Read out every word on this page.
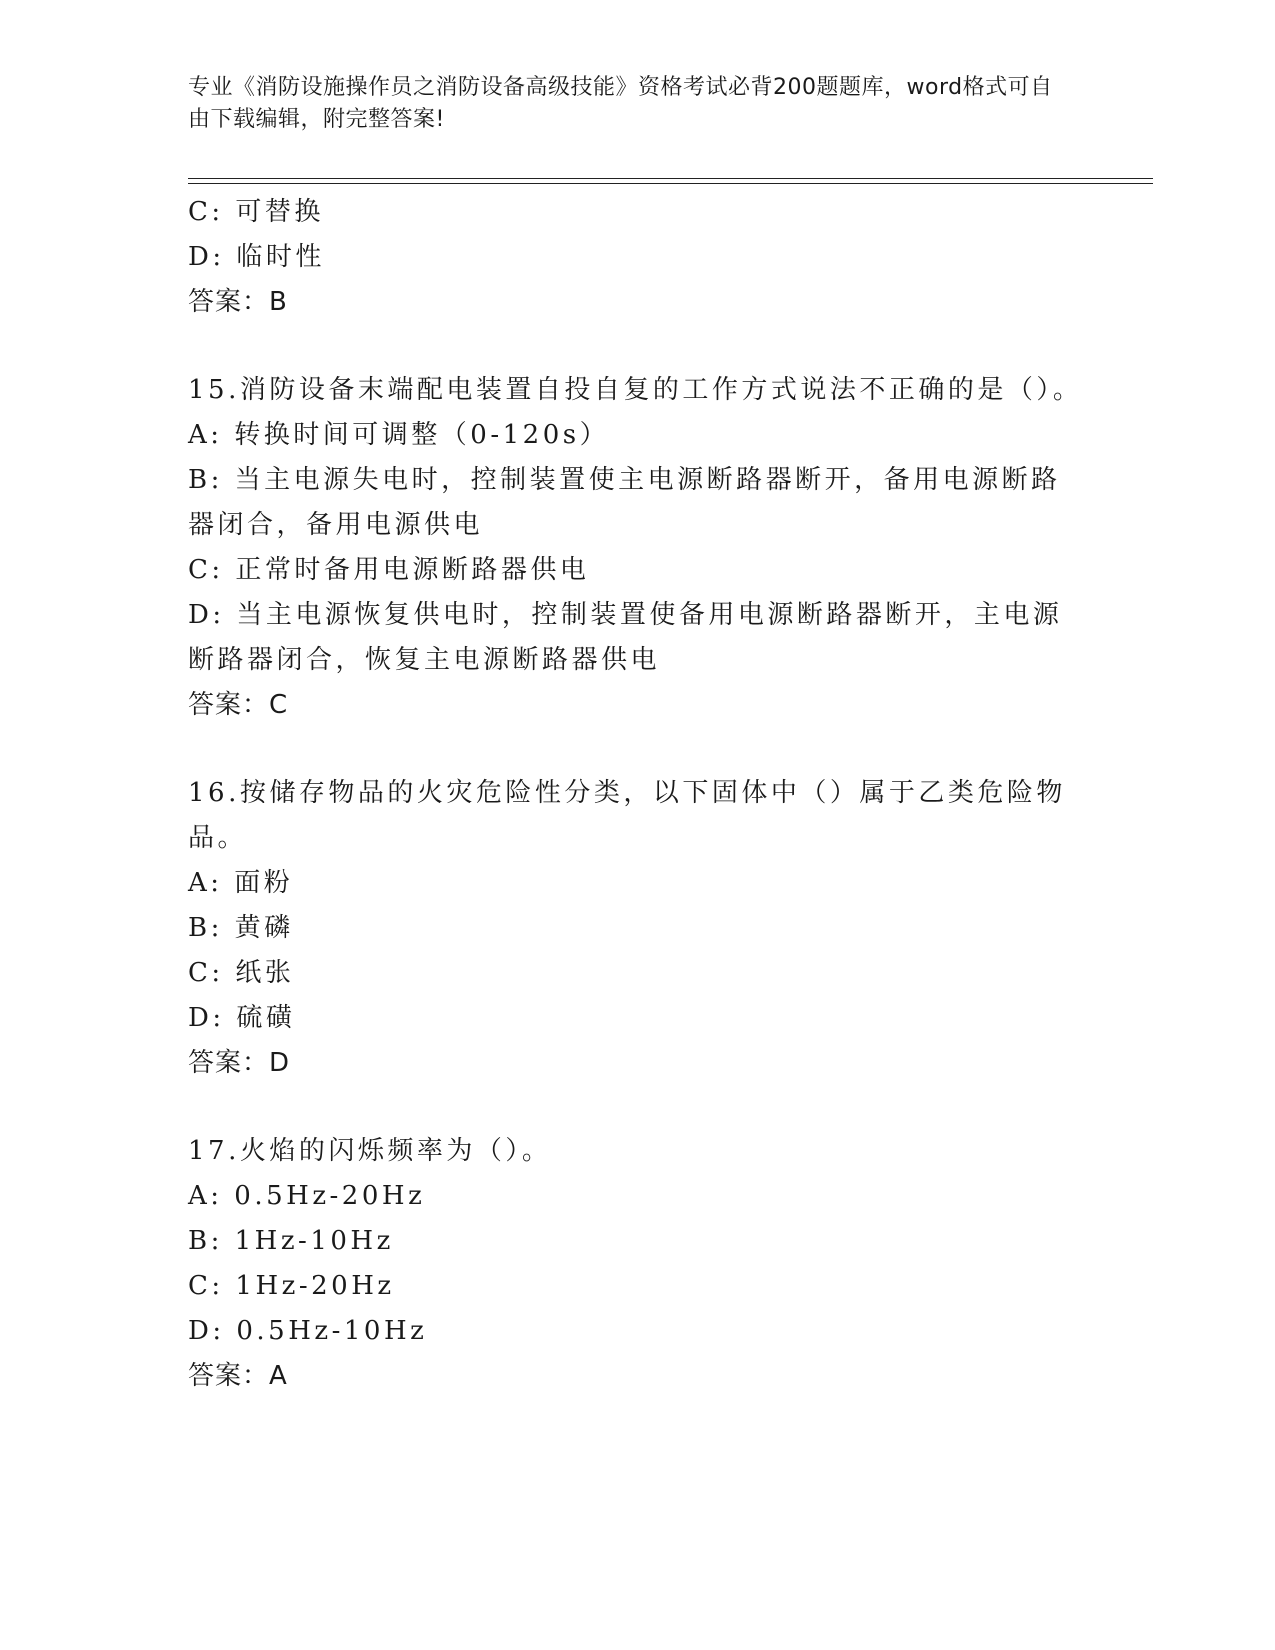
专业《消防设施操作员之消防设备高级技能》资格考试必背200题题库，word格式可自由下载编辑，附完整答案!

C: 可替换

D: 临时性

答案：B

15.消防设备末端配电装置自投自复的工作方式说法不正确的是（）。

A: 转换时间可调整（0-120s）

B: 当主电源失电时，控制装置使主电源断路器断开，备用电源断路器闭合，备用电源供电

C: 正常时备用电源断路器供电

D: 当主电源恢复供电时，控制装置使备用电源断路器断开，主电源断路器闭合，恢复主电源断路器供电

答案：C

16.按储存物品的火灾危险性分类，以下固体中（）属于乙类危险物品。

A: 面粉

B: 黄磷

C: 纸张

D: 硫磺

答案：D

17.火焰的闪烁频率为（）。

A: 0.5Hz-20Hz

B: 1Hz-10Hz

C: 1Hz-20Hz

D: 0.5Hz-10Hz

答案：A
